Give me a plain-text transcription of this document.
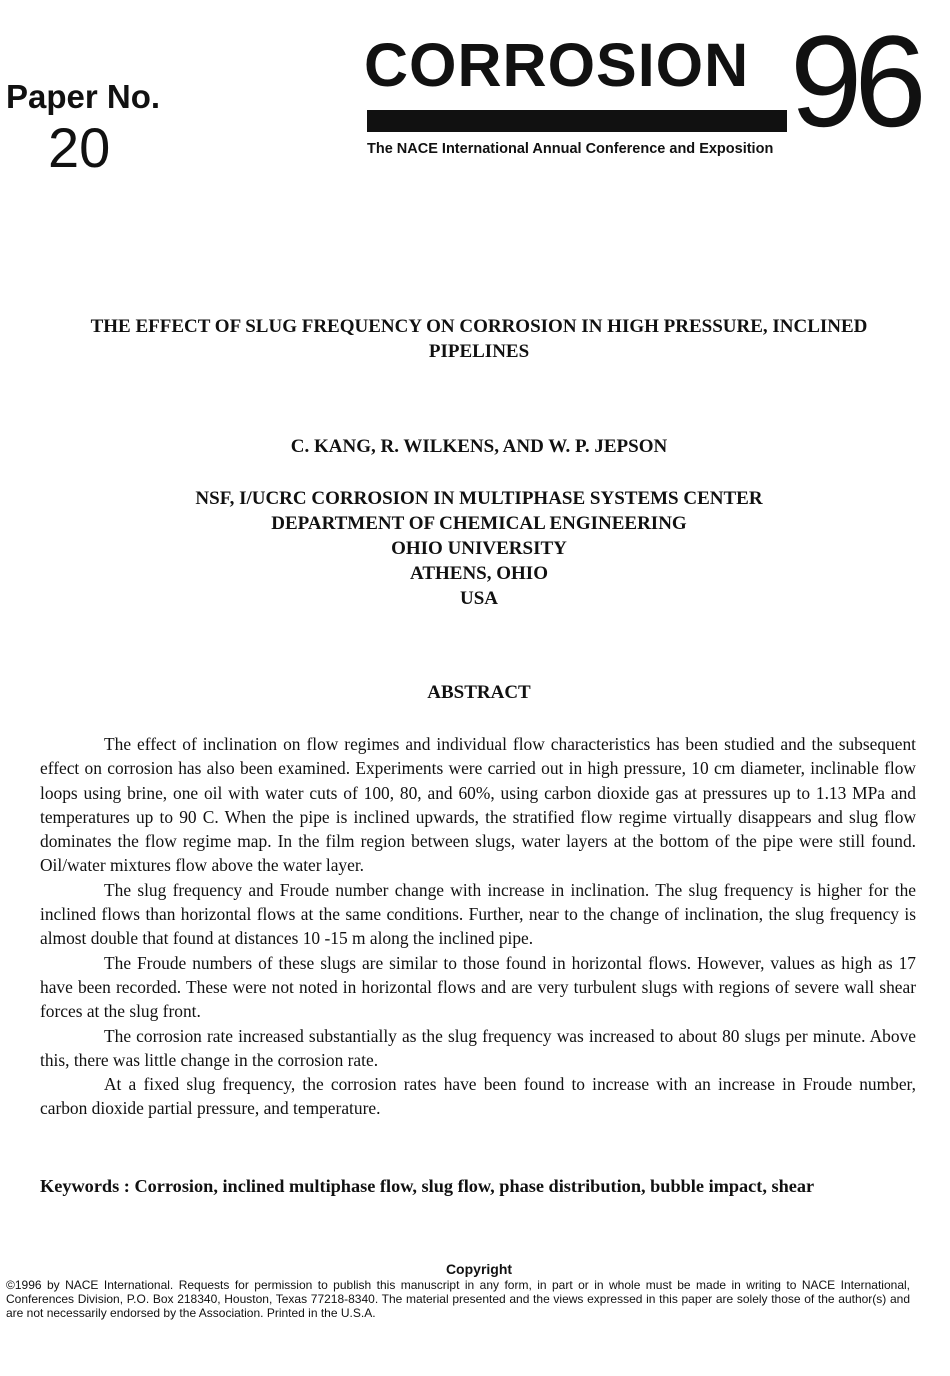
Paper No.
20
CORROSION 96
The NACE International Annual Conference and Exposition
THE EFFECT OF SLUG FREQUENCY ON CORROSION IN HIGH PRESSURE, INCLINED PIPELINES
C. KANG, R. WILKENS, AND W. P. JEPSON
NSF, I/UCRC CORROSION IN MULTIPHASE SYSTEMS CENTER
DEPARTMENT OF CHEMICAL ENGINEERING
OHIO UNIVERSITY
ATHENS, OHIO
USA
ABSTRACT

The effect of inclination on flow regimes and individual flow characteristics has been studied and the subsequent effect on corrosion has also been examined. Experiments were carried out in high pressure, 10 cm diameter, inclinable flow loops using brine, one oil with water cuts of 100, 80, and 60%, using carbon dioxide gas at pressures up to 1.13 MPa and temperatures up to 90 C. When the pipe is inclined upwards, the stratified flow regime virtually disappears and slug flow dominates the flow regime map. In the film region between slugs, water layers at the bottom of the pipe were still found. Oil/water mixtures flow above the water layer.

The slug frequency and Froude number change with increase in inclination. The slug frequency is higher for the inclined flows than horizontal flows at the same conditions. Further, near to the change of inclination, the slug frequency is almost double that found at distances 10 -15 m along the inclined pipe.

The Froude numbers of these slugs are similar to those found in horizontal flows. However, values as high as 17 have been recorded. These were not noted in horizontal flows and are very turbulent slugs with regions of severe wall shear forces at the slug front.

The corrosion rate increased substantially as the slug frequency was increased to about 80 slugs per minute. Above this, there was little change in the corrosion rate.

At a fixed slug frequency, the corrosion rates have been found to increase with an increase in Froude number, carbon dioxide partial pressure, and temperature.

Keywords : Corrosion, inclined multiphase flow, slug flow, phase distribution, bubble impact, shear
Copyright
©1996 by NACE International. Requests for permission to publish this manuscript in any form, in part or in whole must be made in writing to NACE International, Conferences Division, P.O. Box 218340, Houston, Texas 77218-8340. The material presented and the views expressed in this paper are solely those of the author(s) and are not necessarily endorsed by the Association. Printed in the U.S.A.
